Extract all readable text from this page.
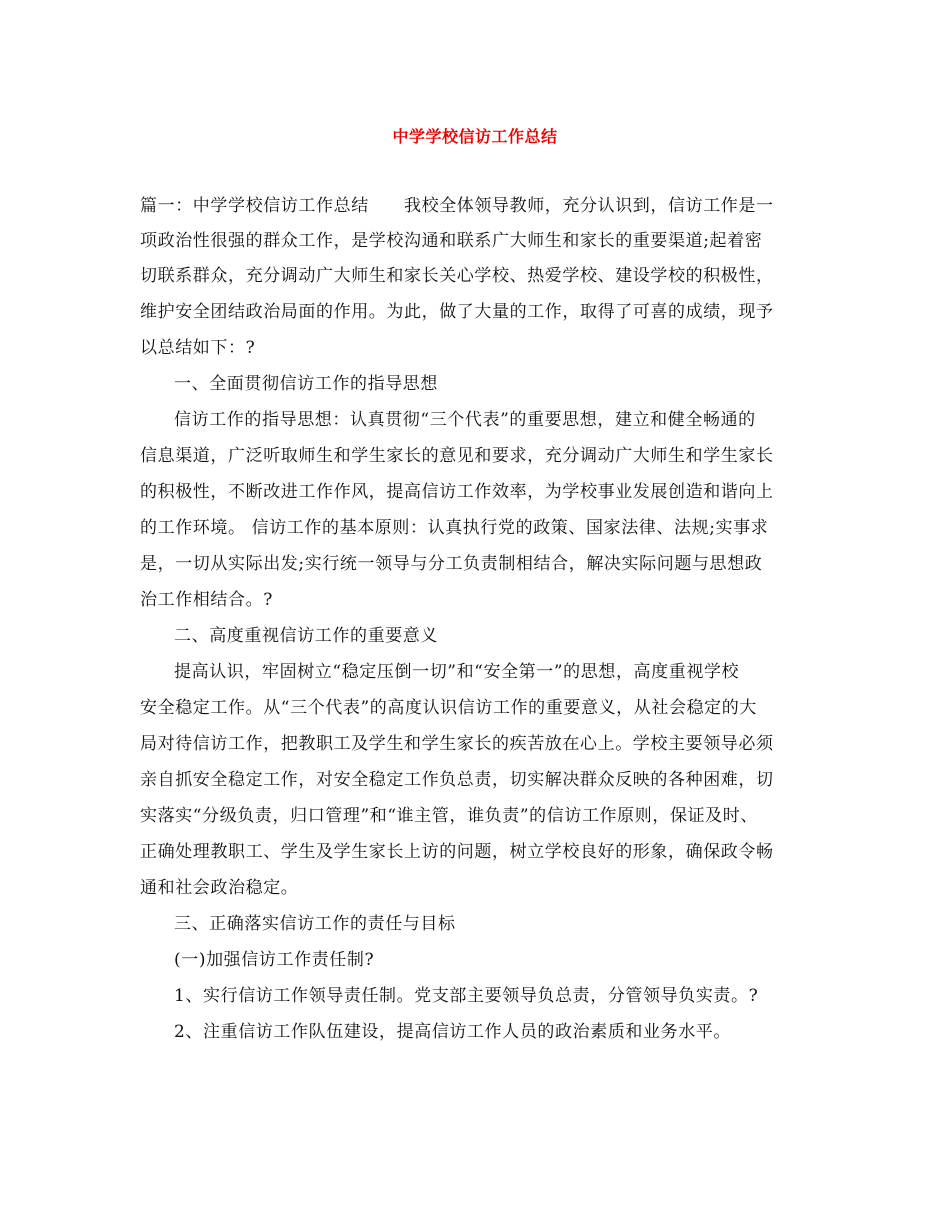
中学学校信访工作总结
篇一：中学学校信访工作总结　　我校全体领导教师，充分认识到，信访工作是一
项政治性很强的群众工作，是学校沟通和联系广大师生和家长的重要渠道;起着密
切联系群众，充分调动广大师生和家长关心学校、热爱学校、建设学校的积极性，
维护安全团结政治局面的作用。为此，做了大量的工作，取得了可喜的成绩，现予
以总结如下：?
一、全面贯彻信访工作的指导思想
信访工作的指导思想：认真贯彻“三个代表”的重要思想，建立和健全畅通的
信息渠道，广泛听取师生和学生家长的意见和要求，充分调动广大师生和学生家长
的积极性，不断改进工作作风，提高信访工作效率，为学校事业发展创造和谐向上
的工作环境。 信访工作的基本原则：认真执行党的政策、国家法律、法规;实事求
是，一切从实际出发;实行统一领导与分工负责制相结合，解决实际问题与思想政
治工作相结合。?
二、高度重视信访工作的重要意义
提高认识，牢固树立“稳定压倒一切”和“安全第一”的思想，高度重视学校
安全稳定工作。从“三个代表”的高度认识信访工作的重要意义，从社会稳定的大
局对待信访工作，把教职工及学生和学生家长的疾苦放在心上。学校主要领导必须
亲自抓安全稳定工作，对安全稳定工作负总责，切实解决群众反映的各种困难，切
实落实“分级负责，归口管理”和“谁主管，谁负责”的信访工作原则，保证及时、
正确处理教职工、学生及学生家长上访的问题，树立学校良好的形象，确保政令畅
通和社会政治稳定。
三、正确落实信访工作的责任与目标
(一)加强信访工作责任制?
1、实行信访工作领导责任制。党支部主要领导负总责，分管领导负实责。?
2、注重信访工作队伍建设，提高信访工作人员的政治素质和业务水平。
